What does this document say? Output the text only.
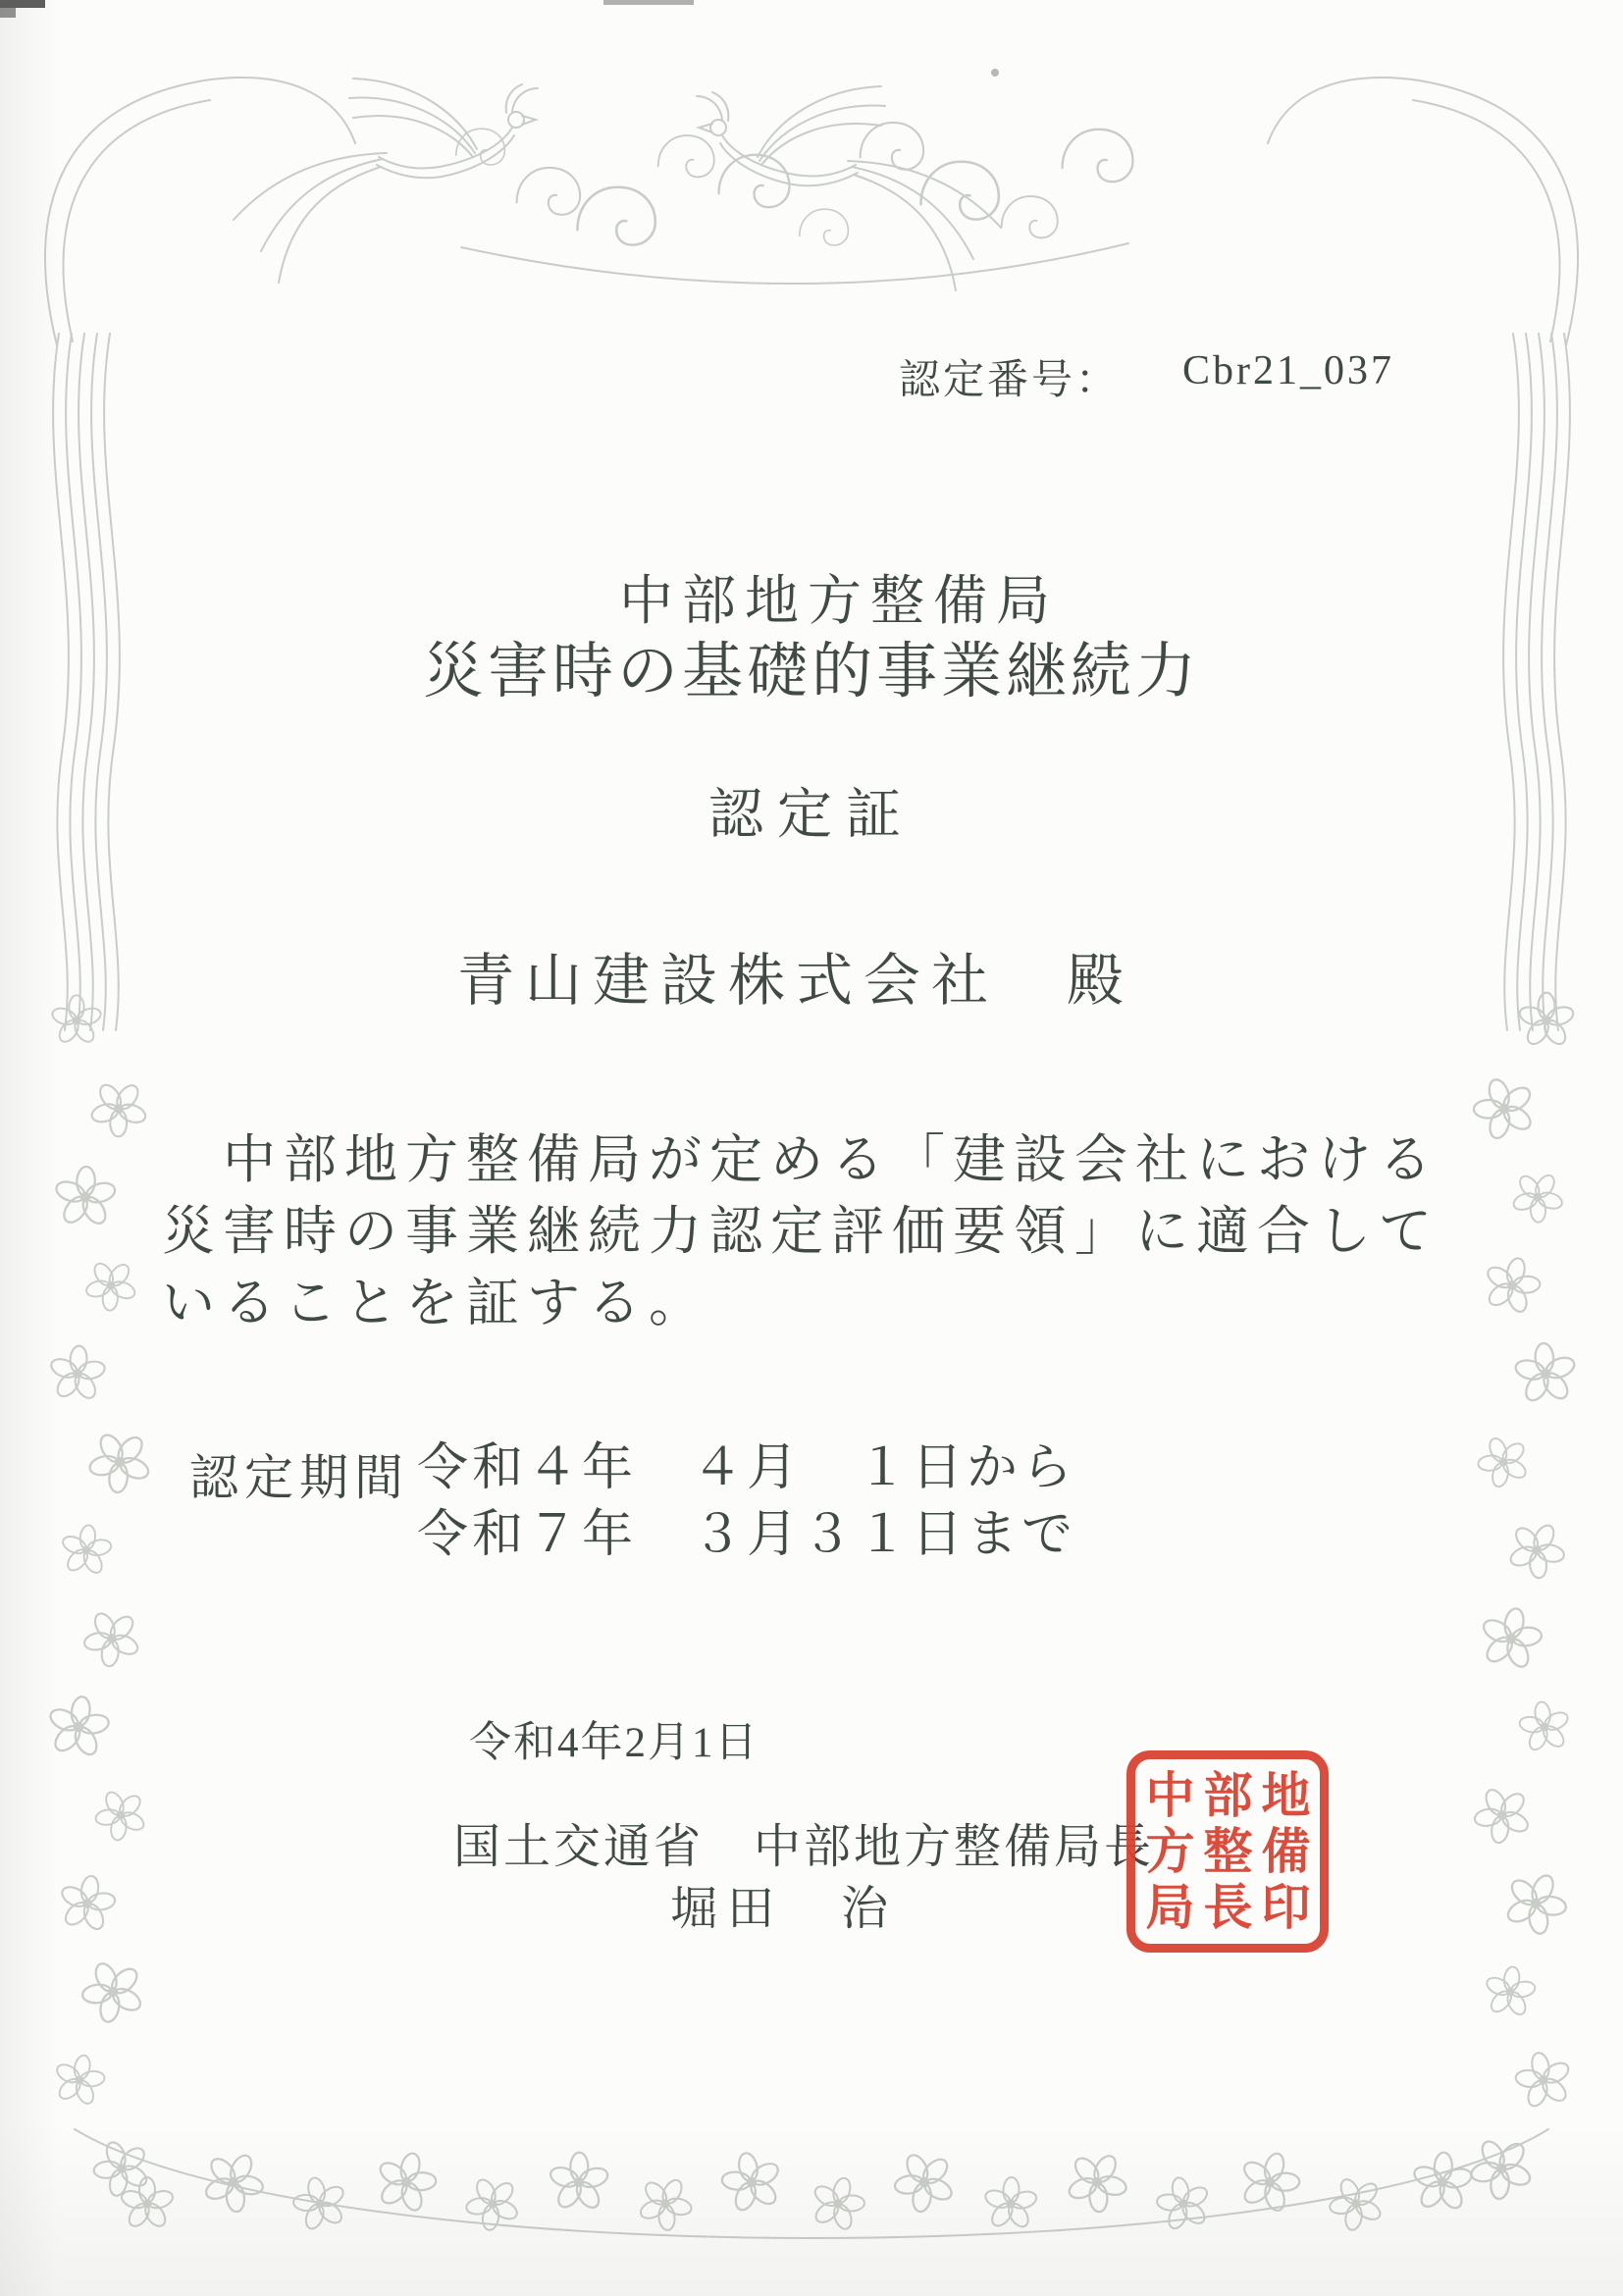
認定番号： Cbr21_037
中部地方整備局
災害時の基礎的事業継続力
認定証
青山建設株式会社　殿
　中部地方整備局が定める「建設会社における
災害時の事業継続力認定評価要領」に適合して
いることを証する。
認定期間 令和４年　４月　１日から
令和７年　３月３１日まで
令和4年2月1日
国土交通省　中部地方整備局長
堀田　治
中部地
方整備
局長印
